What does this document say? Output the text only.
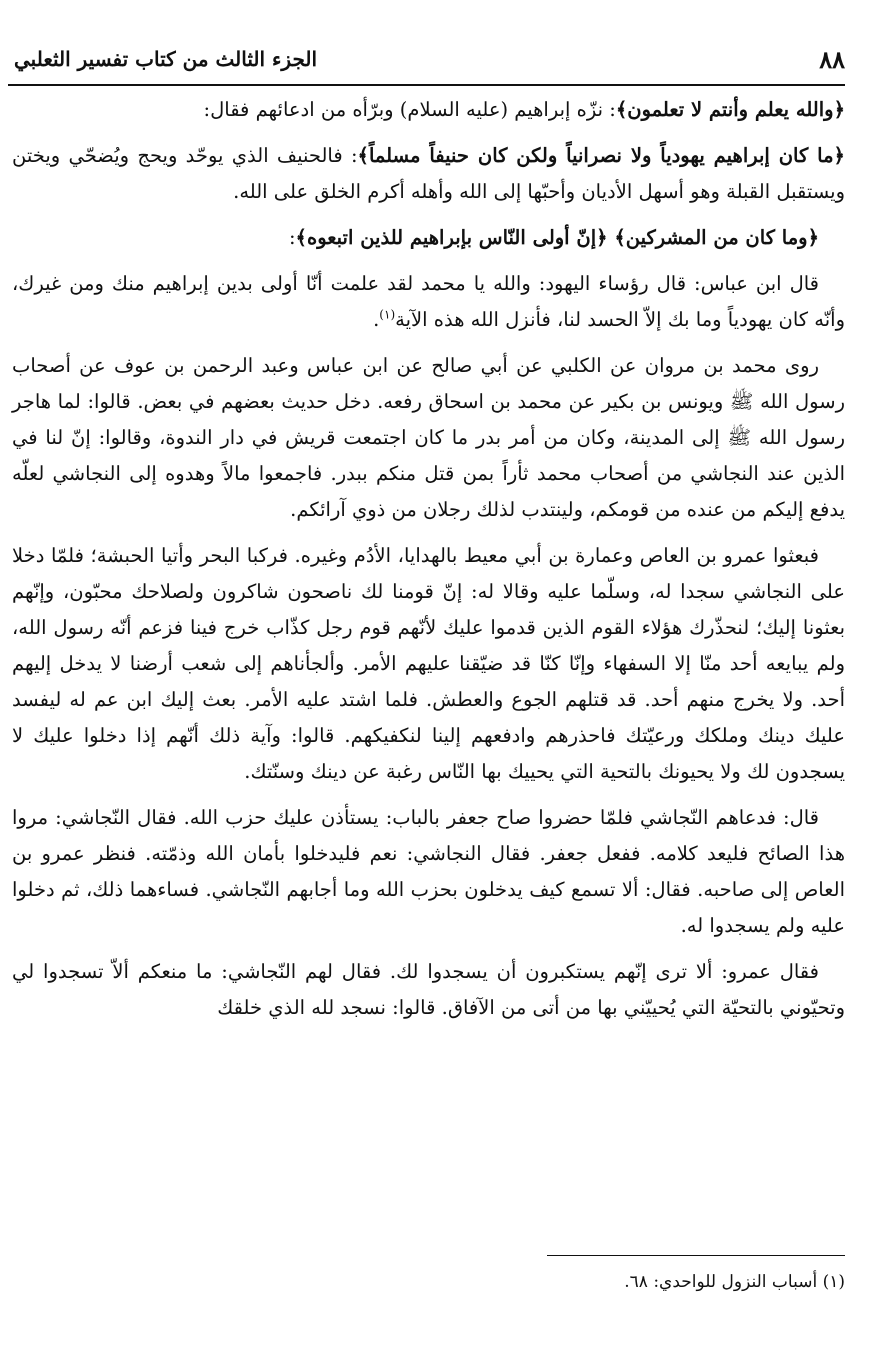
٨٨
الجزء الثالث من كتاب تفسير الثعلبي

﴿والله يعلم وأنتم لا تعلمون﴾: نزّه إبراهيم (عليه السلام) وبرّأه من ادعائهم فقال:

﴿ما كان إبراهيم يهودياً ولا نصرانياً ولكن كان حنيفاً مسلماً﴾: فالحنيف الذي يوحّد ويحج ويُضحّي ويختن ويستقبل القبلة وهو أسهل الأديان وأحبّها إلى الله وأهله أكرم الخلق على الله.

﴿وما كان من المشركين﴾ ﴿إنّ أولى النّاس بإبراهيم للذين اتبعوه﴾:

قال ابن عباس: قال رؤساء اليهود: والله يا محمد لقد علمت أنّا أولى بدين إبراهيم منك ومن غيرك، وأنّه كان يهودياً وما بك إلاّ الحسد لنا، فأنزل الله هذه الآية$^{(١)}$.

روى محمد بن مروان عن الكلبي عن أبي صالح عن ابن عباس وعبد الرحمن بن عوف عن أصحاب رسول الله ﷺ ويونس بن بكير عن محمد بن اسحاق رفعه. دخل حديث بعضهم في بعض. قالوا: لما هاجر رسول الله ﷺ إلى المدينة، وكان من أمر بدر ما كان اجتمعت قريش في دار الندوة، وقالوا: إنّ لنا في الذين عند النجاشي من أصحاب محمد ثأراً بمن قتل منكم ببدر. فاجمعوا مالاً وهدوه إلى النجاشي لعلّه يدفع إليكم من عنده من قومكم، ولينتدب لذلك رجلان من ذوي آرائكم.

فبعثوا عمرو بن العاص وعمارة بن أبي معيط بالهدايا، الأدُم وغيره. فركبا البحر وأتيا الحبشة؛ فلمّا دخلا على النجاشي سجدا له، وسلّما عليه وقالا له: إنّ قومنا لك ناصحون شاكرون ولصلاحك محبّون، وإنّهم بعثونا إليك؛ لنحذّرك هؤلاء القوم الذين قدموا عليك لأنّهم قوم رجل كذّاب خرج فينا فزعم أنّه رسول الله، ولم يبايعه أحد منّا إلا السفهاء وإنّا كنّا قد ضيّقنا عليهم الأمر. وألجأناهم إلى شعب أرضنا لا يدخل إليهم أحد. ولا يخرج منهم أحد. قد قتلهم الجوع والعطش. فلما اشتد عليه الأمر. بعث إليك ابن عم له ليفسد عليك دينك وملكك ورعيّتك فاحذرهم وادفعهم إلينا لنكفيكهم. قالوا: وآية ذلك أنّهم إذا دخلوا عليك لا يسجدون لك ولا يحيونك بالتحية التي يحييك بها النّاس رغبة عن دينك وسنّتك.

قال: فدعاهم النّجاشي فلمّا حضروا صاح جعفر بالباب: يستأذن عليك حزب الله. فقال النّجاشي: مروا هذا الصائح فليعد كلامه. ففعل جعفر. فقال النجاشي: نعم فليدخلوا بأمان الله وذمّته. فنظر عمرو بن العاص إلى صاحبه. فقال: ألا تسمع كيف يدخلون بحزب الله وما أجابهم النّجاشي. فساءهما ذلك، ثم دخلوا عليه ولم يسجدوا له.

فقال عمرو: ألا ترى إنّهم يستكبرون أن يسجدوا لك. فقال لهم النّجاشي: ما منعكم ألاّ تسجدوا لي وتحيّوني بالتحيّة التي يُحييّني بها من أتى من الآفاق. قالوا: نسجد لله الذي خلقك

(١) أسباب النزول للواحدي: ٦٨.
